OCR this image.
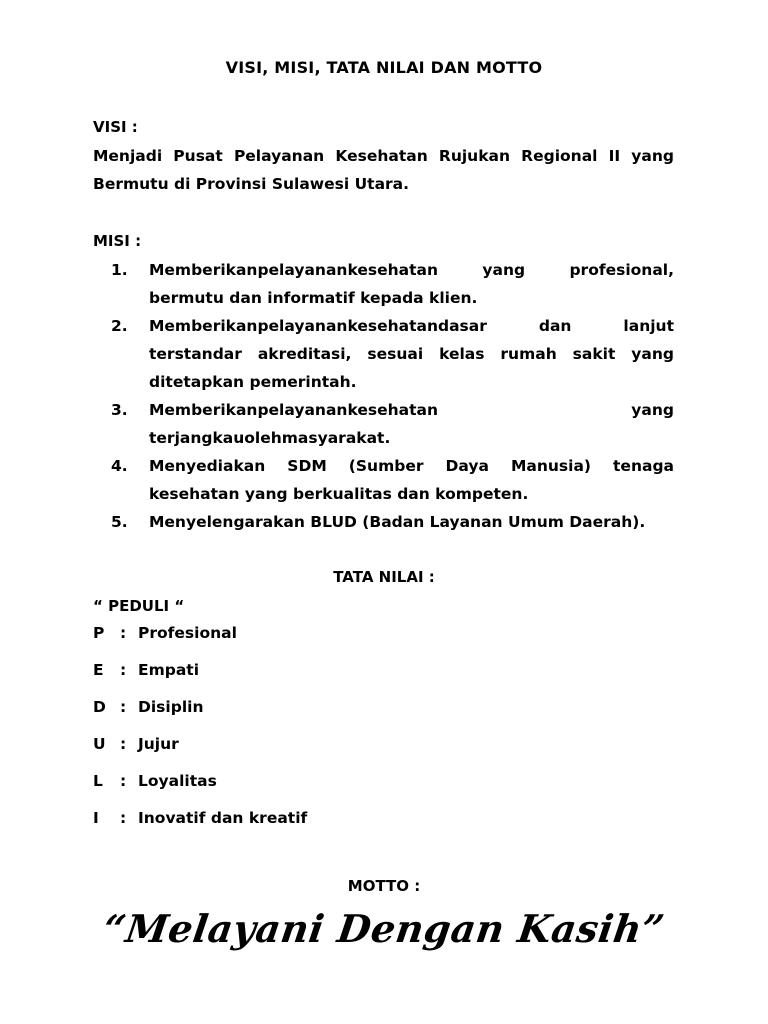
VISI, MISI, TATA NILAI DAN MOTTO
VISI :
Menjadi Pusat Pelayanan Kesehatan Rujukan Regional II yang
Bermutu di Provinsi Sulawesi Utara.
MISI :
1. Memberikanpelayanankesehatan yang profesional,
bermutu dan informatif kepada klien.
2. Memberikanpelayanankesehatandasar dan lanjut
terstandar akreditasi, sesuai kelas rumah sakit yang
ditetapkan pemerintah.
3. Memberikanpelayanankesehatan yang
terjangkauolehmasyarakat.
4. Menyediakan SDM (Sumber Daya Manusia) tenaga
kesehatan yang berkualitas dan kompeten.
5. Menyelengarakan BLUD (Badan Layanan Umum Daerah).
TATA NILAI :
“ PEDULI “
P	: Profesional
E	: Empati
D : Disiplin
U : Jujur
L	: Loyalitas
I	: Inovatif dan kreatif
MOTTO :
“Melayani Dengan Kasih”
